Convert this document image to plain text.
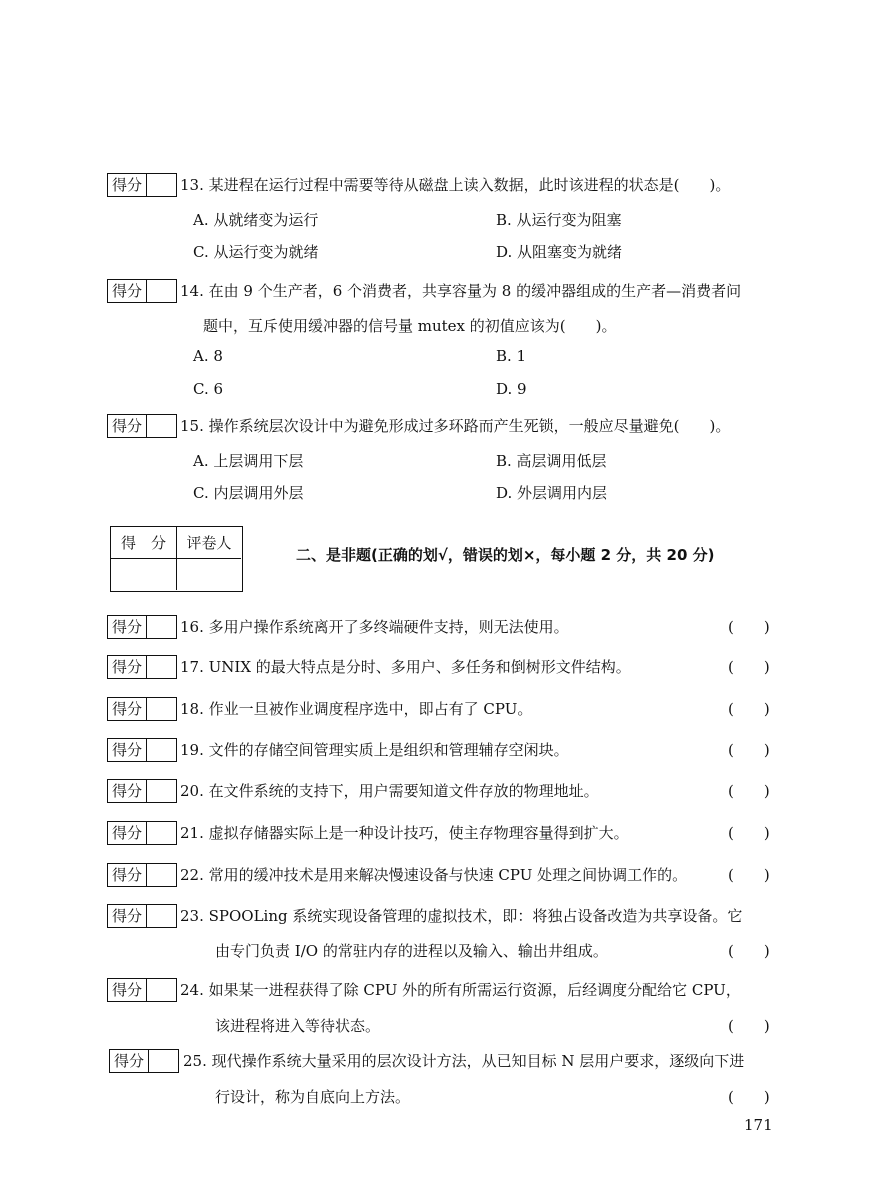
得分	13. 某进程在运行过程中需要等待从磁盘上读入数据，此时该进程的状态是(　　)。
A. 从就绪变为运行	B. 从运行变为阻塞
C. 从运行变为就绪	D. 从阻塞变为就绪
得分	14. 在由 9 个生产者，6 个消费者，共享容量为 8 的缓冲器组成的生产者—消费者问
题中，互斥使用缓冲器的信号量 mutex 的初值应该为(　　)。
A. 8	B. 1
C. 6	D. 9
得分	15. 操作系统层次设计中为避免形成过多环路而产生死锁，一般应尽量避免(　　)。
A. 上层调用下层	B. 高层调用低层
C. 内层调用外层	D. 外层调用内层
得　分	评卷人
二、是非题(正确的划√，错误的划×，每小题 2 分，共 20 分)
得分	16. 多用户操作系统离开了多终端硬件支持，则无法使用。	(　　)
得分	17. UNIX 的最大特点是分时、多用户、多任务和倒树形文件结构。	(　　)
得分	18. 作业一旦被作业调度程序选中，即占有了 CPU。	(　　)
得分	19. 文件的存储空间管理实质上是组织和管理辅存空闲块。	(　　)
得分	20. 在文件系统的支持下，用户需要知道文件存放的物理地址。	(　　)
得分	21. 虚拟存储器实际上是一种设计技巧，使主存物理容量得到扩大。	(　　)
得分	22. 常用的缓冲技术是用来解决慢速设备与快速 CPU 处理之间协调工作的。	(　　)
得分	23. SPOOLing 系统实现设备管理的虚拟技术，即：将独占设备改造为共享设备。它
由专门负责 I/O 的常驻内存的进程以及输入、输出井组成。	(　　)
得分	24. 如果某一进程获得了除 CPU 外的所有所需运行资源，后经调度分配给它 CPU，
该进程将进入等待状态。	(　　)
得分	25. 现代操作系统大量采用的层次设计方法，从已知目标 N 层用户要求，逐级向下进
行设计，称为自底向上方法。	(　　)
171
